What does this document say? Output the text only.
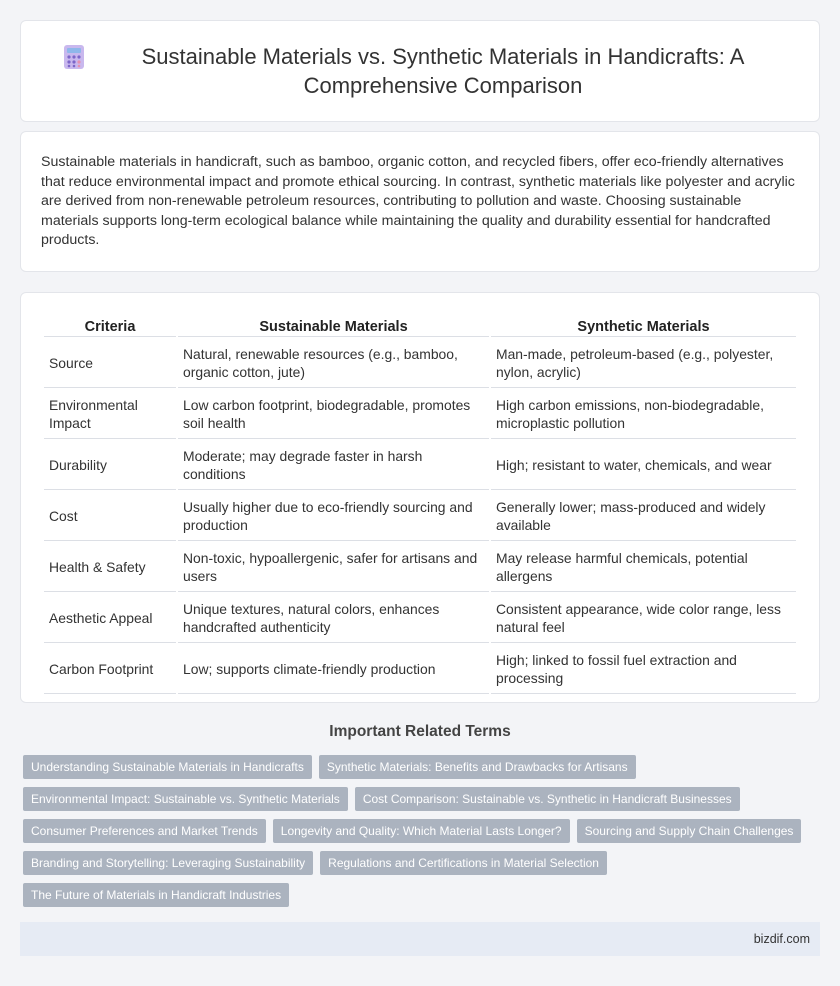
Sustainable Materials vs. Synthetic Materials in Handicrafts: A Comprehensive Comparison

Sustainable materials in handicraft, such as bamboo, organic cotton, and recycled fibers, offer eco-friendly alternatives that reduce environmental impact and promote ethical sourcing. In contrast, synthetic materials like polyester and acrylic are derived from non-renewable petroleum resources, contributing to pollution and waste. Choosing sustainable materials supports long-term ecological balance while maintaining the quality and durability essential for handcrafted products.

Criteria	Sustainable Materials	Synthetic Materials
Source	Natural, renewable resources (e.g., bamboo, organic cotton, jute)	Man-made, petroleum-based (e.g., polyester, nylon, acrylic)
Environmental Impact	Low carbon footprint, biodegradable, promotes soil health	High carbon emissions, non-biodegradable, microplastic pollution
Durability	Moderate; may degrade faster in harsh conditions	High; resistant to water, chemicals, and wear
Cost	Usually higher due to eco-friendly sourcing and production	Generally lower; mass-produced and widely available
Health & Safety	Non-toxic, hypoallergenic, safer for artisans and users	May release harmful chemicals, potential allergens
Aesthetic Appeal	Unique textures, natural colors, enhances handcrafted authenticity	Consistent appearance, wide color range, less natural feel
Carbon Footprint	Low; supports climate-friendly production	High; linked to fossil fuel extraction and processing
Important Related Terms
Understanding Sustainable Materials in Handicrafts	Synthetic Materials: Benefits and Drawbacks for Artisans
Environmental Impact: Sustainable vs. Synthetic Materials	Cost Comparison: Sustainable vs. Synthetic in Handicraft Businesses
Consumer Preferences and Market Trends	Longevity and Quality: Which Material Lasts Longer?	Sourcing and Supply Chain Challenges
Branding and Storytelling: Leveraging Sustainability	Regulations and Certifications in Material Selection
The Future of Materials in Handicraft Industries
bizdif.com
